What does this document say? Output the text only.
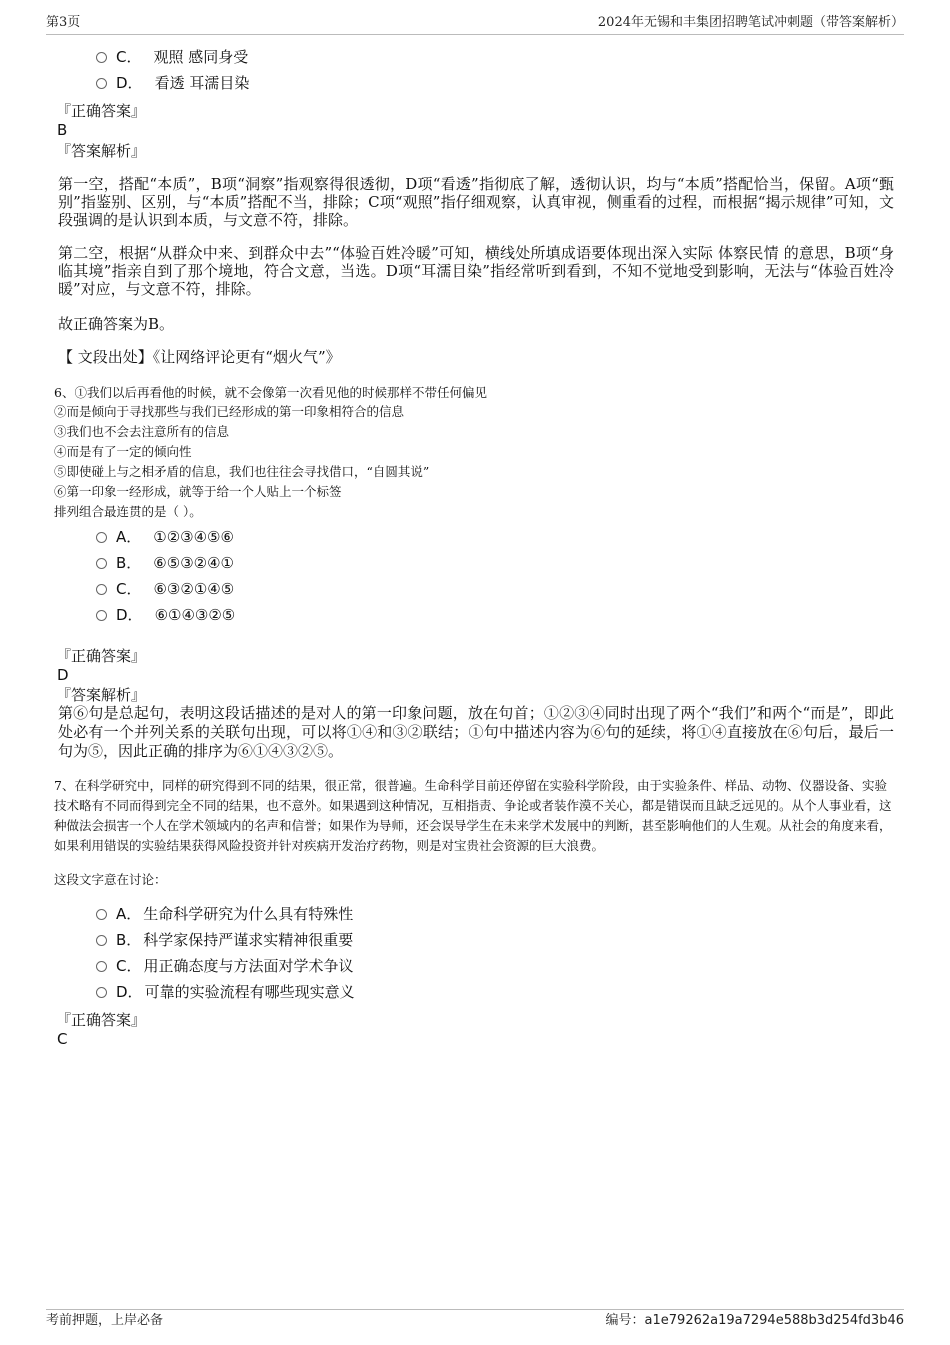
第3页	2024年无锡和丰集团招聘笔试冲刺题（带答案解析）
C． 观照 感同身受
D． 看透 耳濡目染
『正确答案』
B
『答案解析』
第一空，搭配“本质”，B项“洞察”指观察得很透彻，D项“看透”指彻底了解，透彻认识，均与“本质”搭配恰当，保留。A项“甄别”指鉴别、区别，与“本质”搭配不当，排除；C项“观照”指仔细观察，认真审视，侧重看的过程，而根据“揭示规律”可知，文段强调的是认识到本质，与文意不符，排除。
第二空，根据“从群众中来、到群众中去”“体验百姓冷暖”可知，横线处所填成语要体现出深入实际 体察民情 的意思，B项“身临其境”指亲自到了那个境地，符合文意，当选。D项“耳濡目染”指经常听到看到，不知不觉地受到影响，无法与“体验百姓冷暖”对应，与文意不符，排除。
故正确答案为B。
【 文段出处】《让网络评论更有“烟火气”》
6、①我们以后再看他的时候，就不会像第一次看见他的时候那样不带任何偏见
②而是倾向于寻找那些与我们已经形成的第一印象相符合的信息
③我们也不会去注意所有的信息
④而是有了一定的倾向性
⑤即使碰上与之相矛盾的信息，我们也往往会寻找借口，“自圆其说”
⑥第一印象一经形成，就等于给一个人贴上一个标签
排列组合最连贯的是（ ）。
A． ①②③④⑤⑥
B． ⑥⑤③②④①
C． ⑥③②①④⑤
D． ⑥①④③②⑤
『正确答案』
D
『答案解析』
第⑥句是总起句，表明这段话描述的是对人的第一印象问题，放在句首；①②③④同时出现了两个“我们”和两个“而是”，即此处必有一个并列关系的关联句出现，可以将①④和③②联结；①句中描述内容为⑥句的延续，将①④直接放在⑥句后，最后一句为⑤，因此正确的排序为⑥①④③②⑤。
7、在科学研究中，同样的研究得到不同的结果，很正常，很普遍。生命科学目前还停留在实验科学阶段，由于实验条件、样品、动物、仪器设备、实验技术略有不同而得到完全不同的结果，也不意外。如果遇到这种情况，互相指责、争论或者装作漠不关心，都是错误而且缺乏远见的。从个人事业看，这种做法会损害一个人在学术领域内的名声和信誉；如果作为导师，还会误导学生在未来学术发展中的判断，甚至影响他们的人生观。从社会的角度来看，如果利用错误的实验结果获得风险投资并针对疾病开发治疗药物，则是对宝贵社会资源的巨大浪费。
这段文字意在讨论：
A． 生命科学研究为什么具有特殊性
B． 科学家保持严谨求实精神很重要
C． 用正确态度与方法面对学术争议
D． 可靠的实验流程有哪些现实意义
『正确答案』
C
考前押题，上岸必备	编号：a1e79262a19a7294e588b3d254fd3b46
